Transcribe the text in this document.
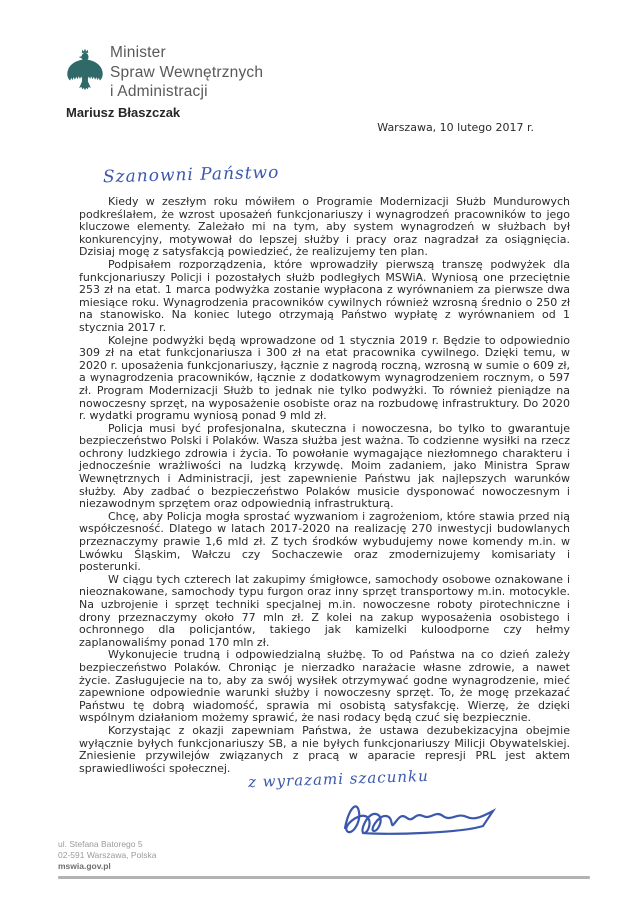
Minister
Spraw Wewnętrznych
i Administracji
Mariusz Błaszczak
Warszawa, 10 lutego 2017 r.
Szanowni Państwo

Kiedy w zeszłym roku mówiłem o Programie Modernizacji Służb Mundurowych podkreślałem, że wzrost uposażeń funkcjonariuszy i wynagrodzeń pracowników to jego kluczowe elementy. Zależało mi na tym, aby system wynagrodzeń w służbach był konkurencyjny, motywował do lepszej służby i pracy oraz nagradzał za osiągnięcia. Dzisiaj mogę z satysfakcją powiedzieć, że realizujemy ten plan.

Podpisałem rozporządzenia, które wprowadziły pierwszą transzę podwyżek dla funkcjonariuszy Policji i pozostałych służb podległych MSWiA. Wyniosą one przeciętnie 253 zł na etat. 1 marca podwyżka zostanie wypłacona z wyrównaniem za pierwsze dwa miesiące roku. Wynagrodzenia pracowników cywilnych również wzrosną średnio o 250 zł na stanowisko. Na koniec lutego otrzymają Państwo wypłatę z wyrównaniem od 1 stycznia 2017 r.

Kolejne podwyżki będą wprowadzone od 1 stycznia 2019 r. Będzie to odpowiednio 309 zł na etat funkcjonariusza i 300 zł na etat pracownika cywilnego. Dzięki temu, w 2020 r. uposażenia funkcjonariuszy, łącznie z nagrodą roczną, wzrosną w sumie o 609 zł, a wynagrodzenia pracowników, łącznie z dodatkowym wynagrodzeniem rocznym, o 597 zł. Program Modernizacji Służb to jednak nie tylko podwyżki. To również pieniądze na nowoczesny sprzęt, na wyposażenie osobiste oraz na rozbudowę infrastruktury. Do 2020 r. wydatki programu wyniosą ponad 9 mld zł.

Policja musi być profesjonalna, skuteczna i nowoczesna, bo tylko to gwarantuje bezpieczeństwo Polski i Polaków. Wasza służba jest ważna. To codzienne wysiłki na rzecz ochrony ludzkiego zdrowia i życia. To powołanie wymagające niezłomnego charakteru i jednocześnie wrażliwości na ludzką krzywdę. Moim zadaniem, jako Ministra Spraw Wewnętrznych i Administracji, jest zapewnienie Państwu jak najlepszych warunków służby. Aby zadbać o bezpieczeństwo Polaków musicie dysponować nowoczesnym i niezawodnym sprzętem oraz odpowiednią infrastrukturą.

Chcę, aby Policja mogła sprostać wyzwaniom i zagrożeniom, które stawia przed nią współczesność. Dlatego w latach 2017-2020 na realizację 270 inwestycji budowlanych przeznaczymy prawie 1,6 mld zł. Z tych środków wybudujemy nowe komendy m.in. w Lwówku Śląskim, Wałczu czy Sochaczewie oraz zmodernizujemy komisariaty i posterunki.

W ciągu tych czterech lat zakupimy śmigłowce, samochody osobowe oznakowane i nieoznakowane, samochody typu furgon oraz inny sprzęt transportowy m.in. motocykle. Na uzbrojenie i sprzęt techniki specjalnej m.in. nowoczesne roboty pirotechniczne i drony przeznaczymy około 77 mln zł. Z kolei na zakup wyposażenia osobistego i ochronnego dla policjantów, takiego jak kamizelki kuloodporne czy hełmy zaplanowaliśmy ponad 170 mln zł.

Wykonujecie trudną i odpowiedzialną służbę. To od Państwa na co dzień zależy bezpieczeństwo Polaków. Chroniąc je nierzadko narażacie własne zdrowie, a nawet życie. Zasługujecie na to, aby za swój wysiłek otrzymywać godne wynagrodzenie, mieć zapewnione odpowiednie warunki służby i nowoczesny sprzęt. To, że mogę przekazać Państwu tę dobrą wiadomość, sprawia mi osobistą satysfakcję. Wierzę, że dzięki wspólnym działaniom możemy sprawić, że nasi rodacy będą czuć się bezpiecznie.

Korzystając z okazji zapewniam Państwa, że ustawa dezubekizacyjna obejmie wyłącznie byłych funkcjonariuszy SB, a nie byłych funkcjonariuszy Milicji Obywatelskiej. Zniesienie przywilejów związanych z pracą w aparacie represji PRL jest aktem sprawiedliwości społecznej.	z wyrazami szacunku
ul. Stefana Batorego 5
02-591 Warszawa, Polska
mswia.gov.pl
